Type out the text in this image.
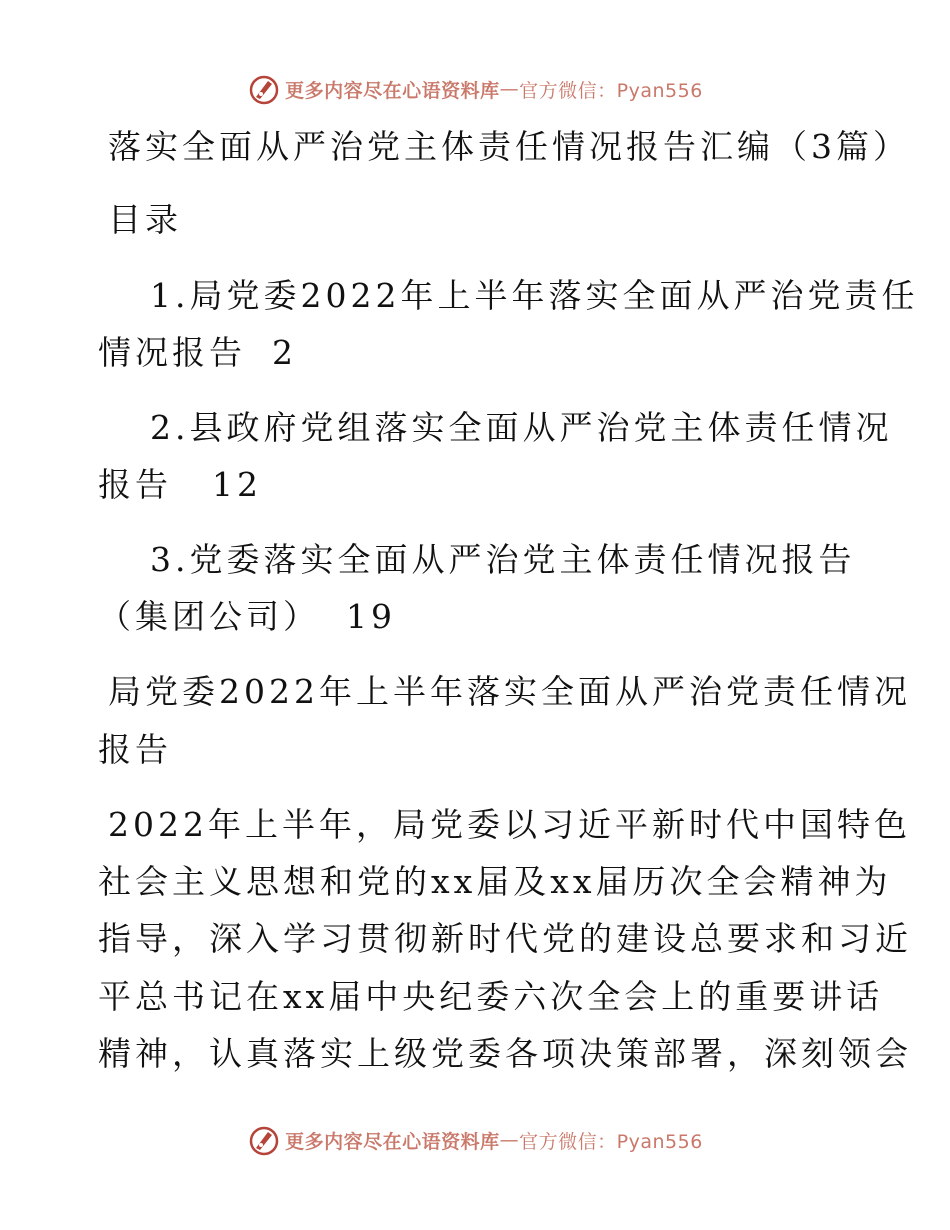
更多内容尽在心语资料库 — 官方微信：Pyan556
落实全面从严治党主体责任情况报告汇编（3篇）
目录
1.局党委2022年上半年落实全面从严治党责任
情况报告 2
2.县政府党组落实全面从严治党主体责任情况
报告 12
3.党委落实全面从严治党主体责任情况报告
（集团公司） 19
局党委2022年上半年落实全面从严治党责任情况
报告
2022年上半年，局党委以习近平新时代中国特色
社会主义思想和党的xx届及xx届历次全会精神为
指导，深入学习贯彻新时代党的建设总要求和习近
平总书记在xx届中央纪委六次全会上的重要讲话
精神，认真落实上级党委各项决策部署，深刻领会
更多内容尽在心语资料库 — 官方微信：Pyan556
